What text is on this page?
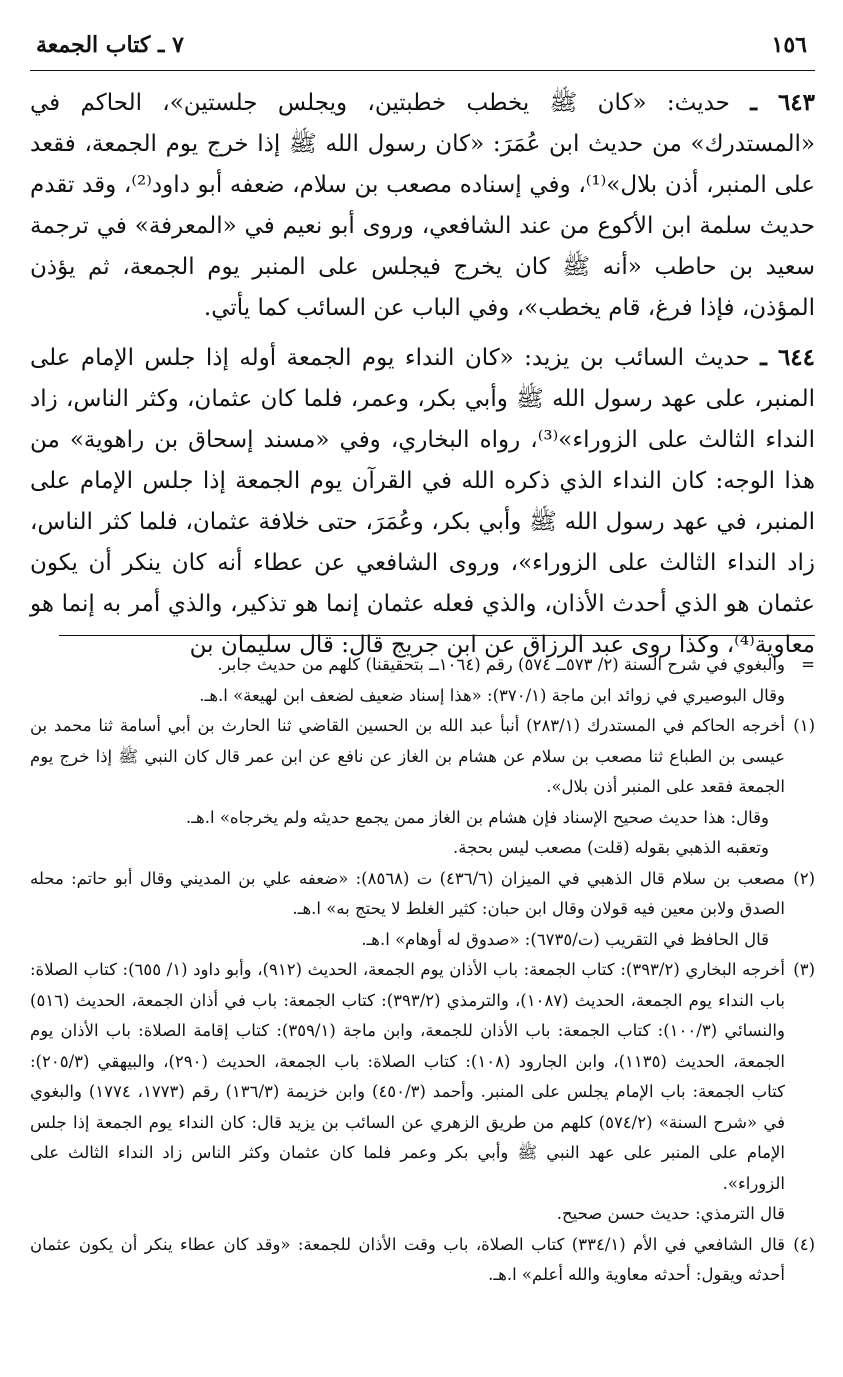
١٥٦
٧ ـ كتاب الجمعة

٦٤٣ ـ حديث: «كان ﷺ يخطب خطبتين، ويجلس جلستين»، الحاكم في «المستدرك» من حديث ابن عُمَرَ: «كان رسول الله ﷺ إذا خرج يوم الجمعة، فقعد على المنبر، أذن بلال»⁽¹⁾، وفي إسناده مصعب بن سلام، ضعفه أبو داود⁽²⁾، وقد تقدم حديث سلمة ابن الأكوع من عند الشافعي، وروى أبو نعيم في «المعرفة» في ترجمة سعيد بن حاطب «أنه ﷺ كان يخرج فيجلس على المنبر يوم الجمعة، ثم يؤذن المؤذن، فإذا فرغ، قام يخطب»، وفي الباب عن السائب كما يأتي.

٦٤٤ ـ حديث السائب بن يزيد: «كان النداء يوم الجمعة أوله إذا جلس الإمام على المنبر، على عهد رسول الله ﷺ وأبي بكر، وعمر، فلما كان عثمان، وكثر الناس، زاد النداء الثالث على الزوراء»⁽³⁾، رواه البخاري، وفي «مسند إسحاق بن راهوية» من هذا الوجه: كان النداء الذي ذكره الله في القرآن يوم الجمعة إذا جلس الإمام على المنبر، في عهد رسول الله ﷺ وأبي بكر، وعُمَرَ، حتى خلافة عثمان، فلما كثر الناس، زاد النداء الثالث على الزوراء»، وروى الشافعي عن عطاء أنه كان ينكر أن يكون عثمان هو الذي أحدث الأذان، والذي فعله عثمان إنما هو تذكير، والذي أمر به إنما هو معاوية⁽⁴⁾، وكذا روى عبد الرزاق عن ابن جريج قال: قال سليمان بن

=
والبغوي في شرح السنة (٢/ ٥٧٣ــ ٥٧٤) رقم (١٠٦٤ــ بتحقيقنا) كلهم من حديث جابر.
وقال البوصيري في زوائد ابن ماجة (٣٧٠/١): «هذا إسناد ضعيف لضعف ابن لهيعة» ا.هـ.
(١)
أخرجه الحاكم في المستدرك (٢٨٣/١) أنبأ عبد الله بن الحسين القاضي ثنا الحارث بن أبي أسامة ثنا محمد بن عيسى بن الطباع ثنا مصعب بن سلام عن هشام بن الغاز عن نافع عن ابن عمر قال كان النبي ﷺ إذا خرج يوم الجمعة فقعد على المنبر أذن بلال».
وقال: هذا حديث صحيح الإسناد فإن هشام بن الغاز ممن يجمع حديثه ولم يخرجاه» ا.هـ.
وتعقبه الذهبي بقوله (قلت) مصعب ليس بحجة.
(٢)
مصعب بن سلام قال الذهبي في الميزان (٤٣٦/٦) ت (٨٥٦٨): «ضعفه علي بن المديني وقال أبو حاتم: محله الصدق ولابن معين فيه قولان وقال ابن حبان: كثير الغلط لا يحتج به» ا.هـ.
قال الحافظ في التقريب (ت/٦٧٣٥): «صدوق له أوهام» ا.هـ.
(٣)
أخرجه البخاري (٣٩٣/٢): كتاب الجمعة: باب الأذان يوم الجمعة، الحديث (٩١٢)، وأبو داود (١/ ٦٥٥): كتاب الصلاة: باب النداء يوم الجمعة، الحديث (١٠٨٧)، والترمذي (٣٩٣/٢): كتاب الجمعة: باب في أذان الجمعة، الحديث (٥١٦) والنسائي (١٠٠/٣): كتاب الجمعة: باب الأذان للجمعة، وابن ماجة (٣٥٩/١): كتاب إقامة الصلاة: باب الأذان يوم الجمعة، الحديث (١١٣٥)، وابن الجارود (١٠٨): كتاب الصلاة: باب الجمعة، الحديث (٢٩٠)، والبيهقي (٢٠٥/٣): كتاب الجمعة: باب الإمام يجلس على المنبر. وأحمد (٤٥٠/٣) وابن خزيمة (١٣٦/٣) رقم (١٧٧٣، ١٧٧٤) والبغوي في «شرح السنة» (٥٧٤/٢) كلهم من طريق الزهري عن السائب بن يزيد قال: كان النداء يوم الجمعة إذا جلس الإمام على المنبر على عهد النبي ﷺ وأبي بكر وعمر فلما كان عثمان وكثر الناس زاد النداء الثالث على الزوراء».
قال الترمذي: حديث حسن صحيح.
(٤)
قال الشافعي في الأم (٣٣٤/١) كتاب الصلاة، باب وقت الأذان للجمعة: «وقد كان عطاء ينكر أن يكون عثمان أحدثه ويقول: أحدثه معاوية والله أعلم» ا.هـ.
